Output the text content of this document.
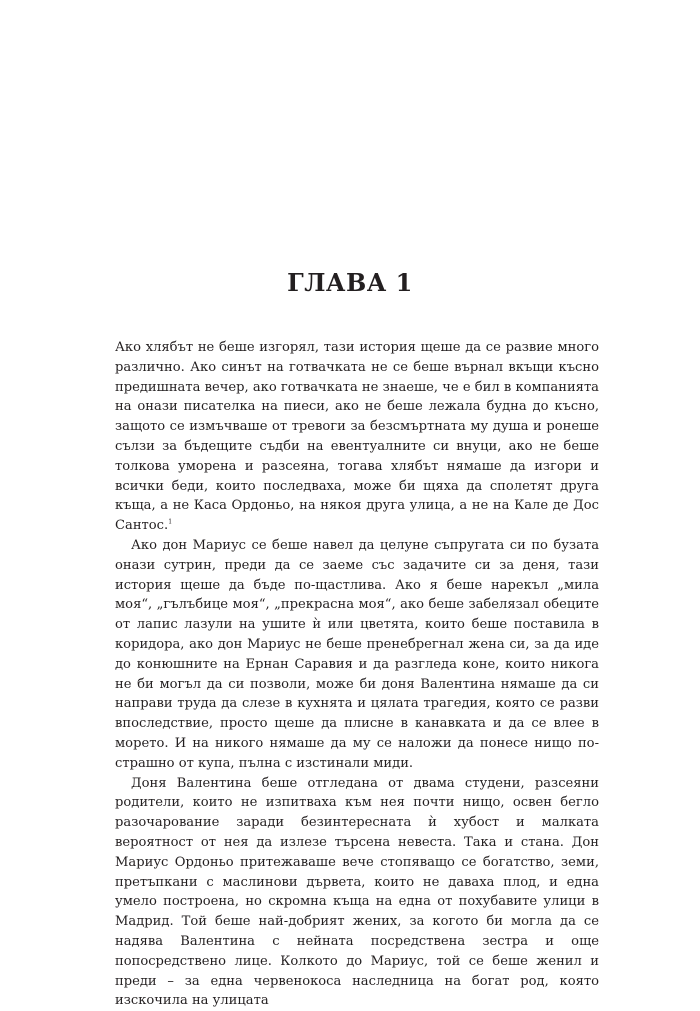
ГЛАВА 1

Ако хлябът не беше изгорял, тази история щеше да се развие много различно. Ако синът на готвачката не се беше върнал вкъщи късно предишната вечер, ако готвачката не знаеше, че е бил в компанията на онази писателка на пиеси, ако не беше лежала будна до късно, защото се измъчваше от тревоги за безсмъртната му душа и ронеше сълзи за бъдещите съдби на евентуалните си внуци, ако не беше толкова уморена и разсеяна, тогава хлябът нямаше да изгори и всички беди, които последваха, може би щяха да сполетят друга къща, а не Каса Ордоньо, на някоя друга улица, а не на Кале де Дос Сантос.$^1$

Ако дон Мариус се беше навел да целуне съпругата си по бузата онази сутрин, преди да се заеме със задачите си за деня, тази история щеше да бъде по-щастлива. Ако я беше нарекъл „мила моя“, „гълъбице моя“, „прекрасна моя“, ако беше забелязал обеците от лапис лазули на ушите ѝ или цветята, които беше поставила в коридора, ако дон Мариус не беше пренебрегнал жена си, за да иде до конюшните на Ернан Саравия и да разгледа коне, които никога не би могъл да си позволи, може би доня Валентина нямаше да си направи труда да слезе в кухнята и цялата трагедия, която се разви впоследствие, просто щеше да плисне в канавката и да се влее в морето. И на никого нямаше да му се наложи да понесе нищо по-страшно от купа, пълна с изстинали миди.

Доня Валентина беше отгледана от двама студени, разсеяни родители, които не изпитваха към нея почти нищо, освен бегло разочарование заради безинтересната ѝ хубост и малката вероятност от нея да излезе търсена невеста. Така и стана. Дон Мариус Ордоньо притежаваше вече стопяващо се богатство, земи, претъпкани с маслинови дървета, които не даваха плод, и една умело построена, но скромна къща на една от похубавите улици в Мадрид. Той беше най-добрият жених, за когото би могла да се надява Валентина с нейната посредствена зестра и още попосредствено лице. Колкото до Мариус, той се беше женил и преди – за една червенокоса наследница на богат род, която изскочила на улицата
